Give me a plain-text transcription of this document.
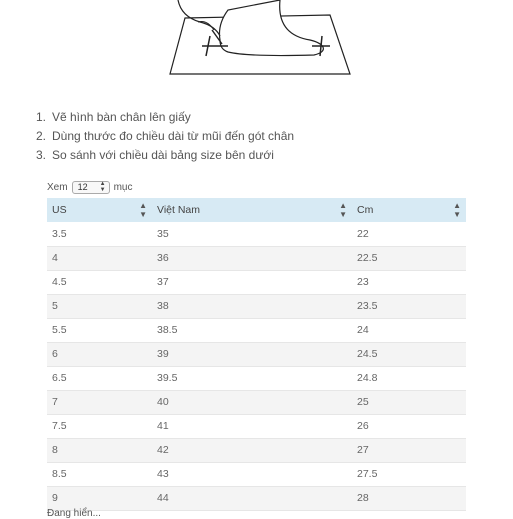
1. Vẽ hình bàn chân lên giấy
2. Dùng thước đo chiều dài từ mũi đến gót chân
3. So sánh với chiều dài bảng size bên dưới
Xem 12 ▲
▼ mục
US ▲
▼	Việt Nam ▲
▼	Cm ▲
▼

3.5	35	22
4	36	22.5
4.5	37	23
5	38	23.5
5.5	38.5	24
6	39	24.5
6.5	39.5	24.8
7	40	25
7.5	41	26
8	42	27
8.5	43	27.5
9	44	28
Đang hiển...
